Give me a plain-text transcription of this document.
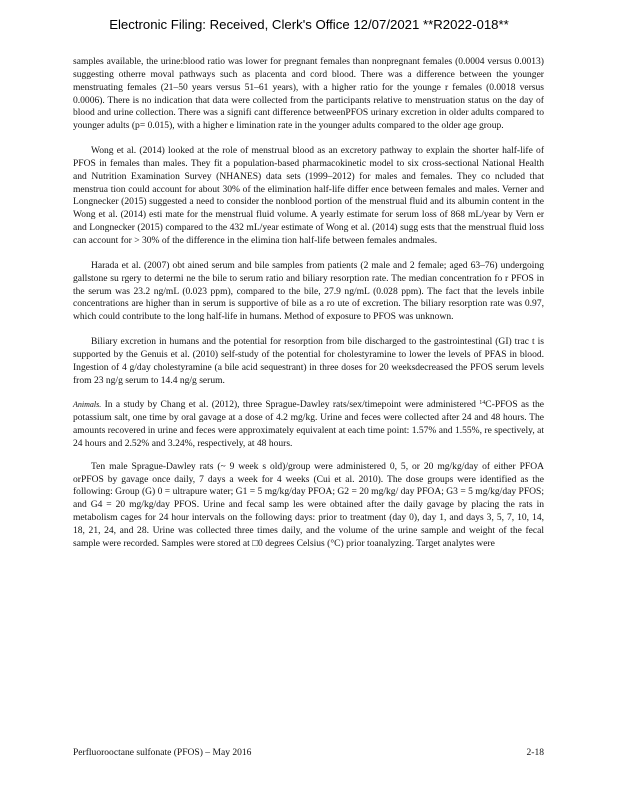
Electronic Filing: Received, Clerk's Office 12/07/2021 **R2022-018**

samples available, the urine:blood ratio was lower for pregnant females than nonpregnant females (0.0004 versus 0.0013) suggesting otherre moval pathways such as placenta and cord blood. There was a difference between the younger menstruating females (21–50 years versus 51–61 years), with a higher ratio for the younge r females (0.0018 versus 0.0006). There is no indication that data were collected from the participants relative to menstruation status on the day of blood and urine collection. There was a signifi cant difference betweenPFOS urinary excretion in older adults compared to younger adults (p= 0.015), with a higher e limination rate in the younger adults compared to the older age group.

Wong et al. (2014) looked at the role of menstrual blood as an excretory pathway to explain the shorter half-life of PFOS in females than males. They fit a population-based pharmacokinetic model to six cross-sectional National Health and Nutrition Examination Survey (NHANES) data sets (1999–2012) for males and females. They co ncluded that menstrua tion could account for about 30% of the elimination half-life differ ence between females and males. Verner and Longnecker (2015) suggested a need to consider the nonblood portion of the menstrual fluid and its albumin content in the Wong et al. (2014) esti mate for the menstrual fluid volume. A yearly estimate for serum loss of 868 mL/year by Vern er and Longnecker (2015) compared to the 432 mL/year estimate of Wong et al. (2014) sugg ests that the menstrual fluid loss can account for > 30% of the difference in the elimina tion half-life between females andmales.

Harada et al. (2007) obt ained serum and bile samples from patients (2 male and 2 female; aged 63–76) undergoing gallstone su rgery to determi ne the bile to serum ratio and biliary resorption rate. The median concentration fo r PFOS in the serum was 23.2 ng/mL (0.023 ppm), compared to the bile, 27.9 ng/mL (0.028 ppm). The fact that the levels inbile concentrations are higher than in serum is supportive of bile as a ro ute of excretion. The biliary resorption rate was 0.97, which could contribute to the long half-life in humans. Method of exposure to PFOS was unknown.

Biliary excretion in humans and the potential for resorption from bile discharged to the gastrointestinal (GI) trac t is supported by the Genuis et al. (2010) self-study of the potential for cholestyramine to lower the levels of PFAS in blood. Ingestion of 4 g/day cholestyramine (a bile acid sequestrant) in three doses for 20 weeksdecreased the PFOS serum levels from 23 ng/g serum to 14.4 ng/g serum.

Animals. In a study by Chang et al. (2012), three Sprague-Dawley rats/sex/timepoint were administered $^{14}$C-PFOS as the potassium salt, one time by oral gavage at a dose of 4.2 mg/kg. Urine and feces were collected after 24 and 48 hours. The amounts recovered in urine and feces were approximately equivalent at each time point: 1.57% and 1.55%, re spectively, at 24 hours and 2.52% and 3.24%, respectively, at 48 hours.

Ten male Sprague-Dawley rats (~ 9 week s old)/group were administered 0, 5, or 20 mg/kg/day of either PFOA orPFOS by gavage once daily, 7 days a week for 4 weeks (Cui et al. 2010). The dose groups were identified as the following: Group (G) 0 = ultrapure water; G1 = 5 mg/kg/day PFOA; G2 = 20 mg/kg/ day PFOA; G3 = 5 mg/kg/day PFOS; and G4 = 20 mg/kg/day PFOS. Urine and fecal samp les were obtained after the daily gavage by placing the rats in metabolism cages for 24 hour intervals on the following days: prior to treatment (day 0), day 1, and days 3, 5, 7, 10, 14, 18, 21, 24, and 28. Urine was collected three times daily, and the volume of the urine sample and weight of the fecal sample were recorded. Samples were stored at □0 degrees Celsius (°C) prior toanalyzing. Target analytes were

Perfluorooctane sulfonate (PFOS) – May 2016	2-18
